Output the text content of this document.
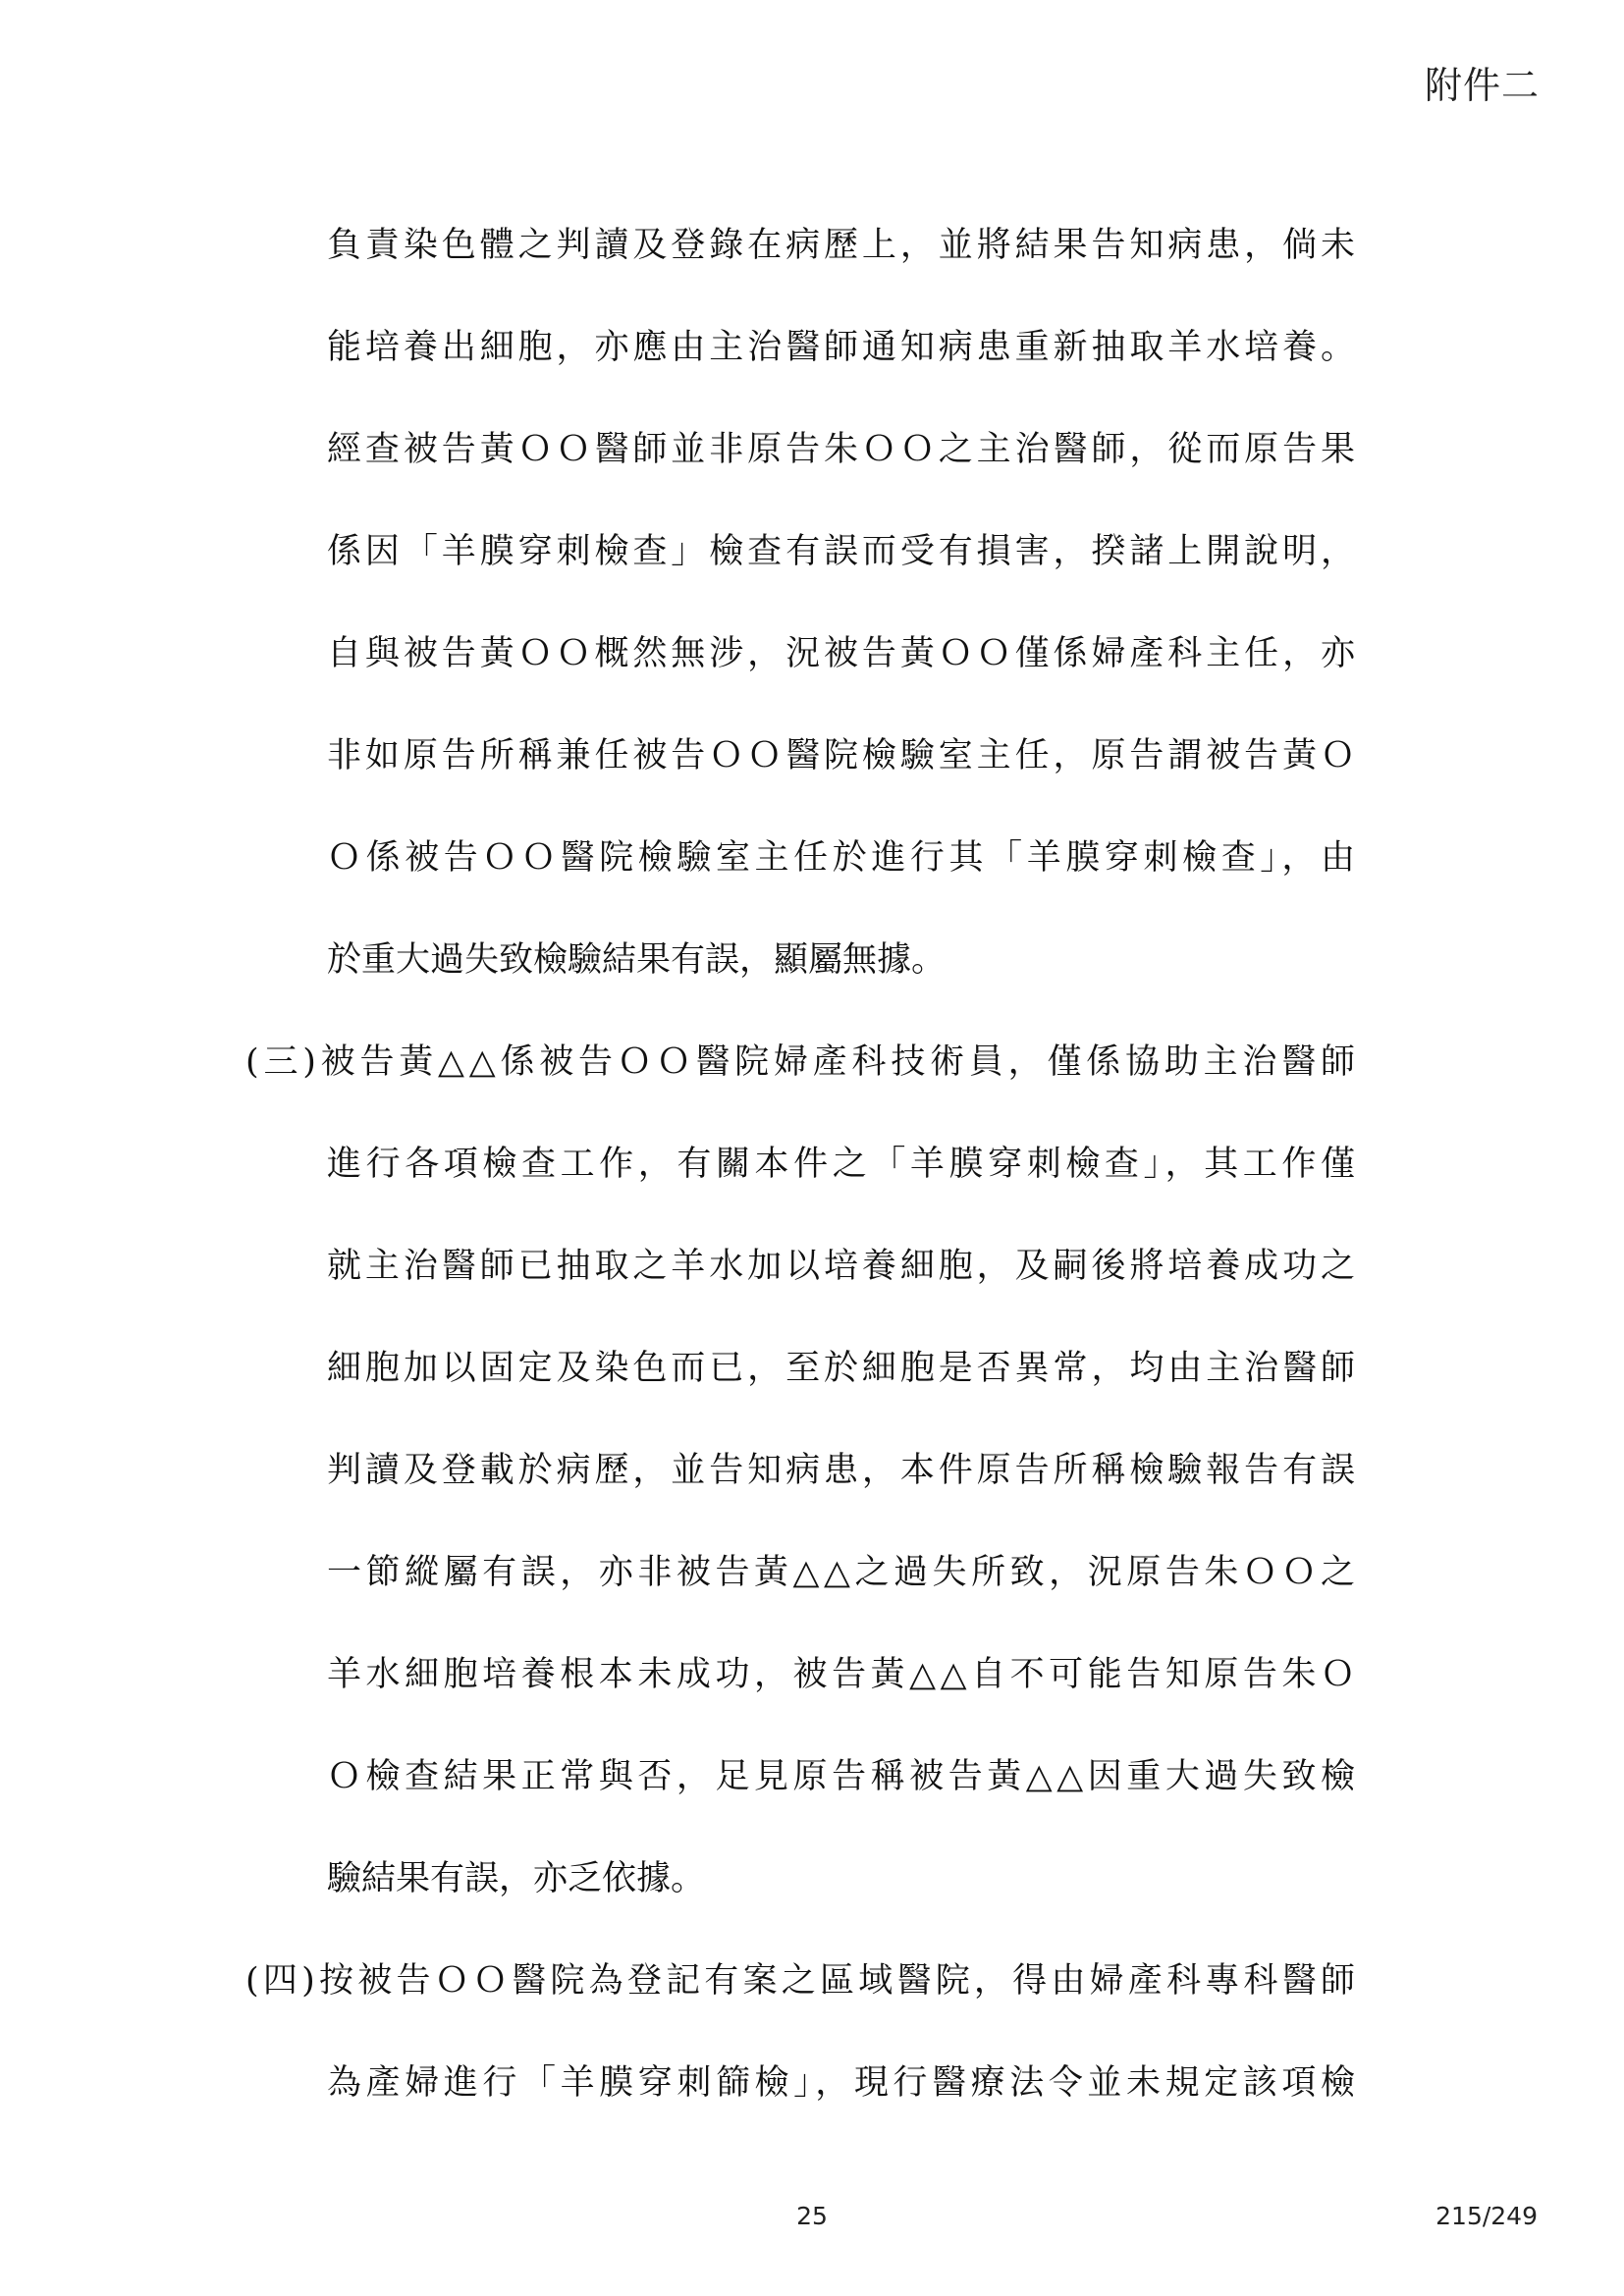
附件二
負責染色體之判讀及登錄在病歷上，並將結果告知病患，倘未
能培養出細胞，亦應由主治醫師通知病患重新抽取羊水培養。
經查被告黃ＯＯ醫師並非原告朱ＯＯ之主治醫師，從而原告果
係因「羊膜穿刺檢查」檢查有誤而受有損害，揆諸上開說明，
自與被告黃ＯＯ概然無涉，況被告黃ＯＯ僅係婦產科主任，亦
非如原告所稱兼任被告ＯＯ醫院檢驗室主任，原告謂被告黃Ｏ
Ｏ係被告ＯＯ醫院檢驗室主任於進行其「羊膜穿刺檢查」，由
於重大過失致檢驗結果有誤，顯屬無據。
(三)被告黃△△係被告ＯＯ醫院婦產科技術員，僅係協助主治醫師
進行各項檢查工作，有關本件之「羊膜穿刺檢查」，其工作僅
就主治醫師已抽取之羊水加以培養細胞，及嗣後將培養成功之
細胞加以固定及染色而已，至於細胞是否異常，均由主治醫師
判讀及登載於病歷，並告知病患，本件原告所稱檢驗報告有誤
一節縱屬有誤，亦非被告黃△△之過失所致，況原告朱ＯＯ之
羊水細胞培養根本未成功，被告黃△△自不可能告知原告朱Ｏ
Ｏ檢查結果正常與否，足見原告稱被告黃△△因重大過失致檢
驗結果有誤，亦乏依據。
(四)按被告ＯＯ醫院為登記有案之區域醫院，得由婦產科專科醫師
為產婦進行「羊膜穿刺篩檢」，現行醫療法令並未規定該項檢
25	215/249
